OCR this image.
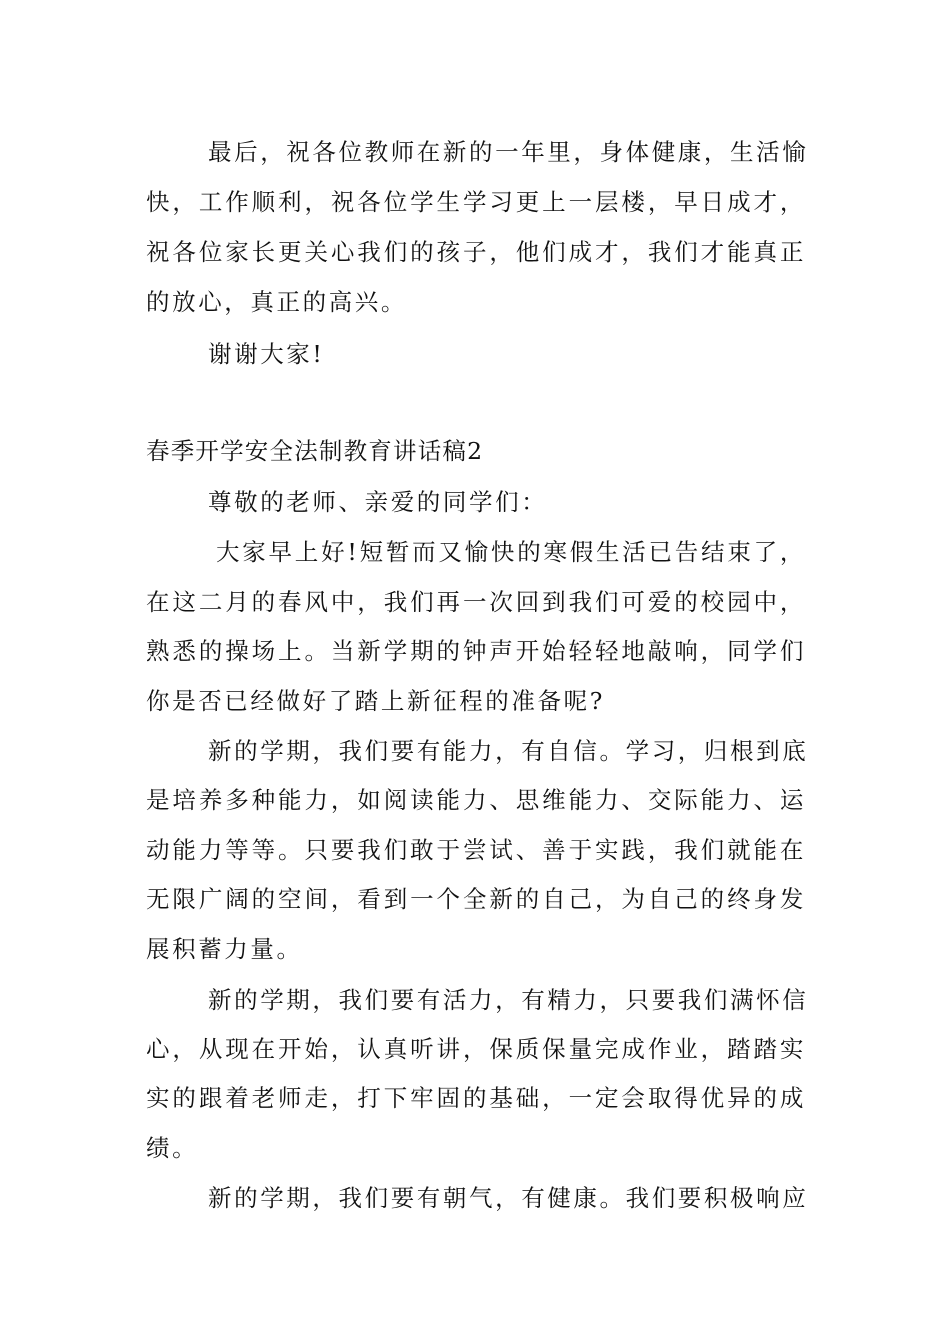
最后，祝各位教师在新的一年里，身体健康，生活愉
快，工作顺利，祝各位学生学习更上一层楼，早日成才，
祝各位家长更关心我们的孩子，他们成才，我们才能真正
的放心，真正的高兴。
谢谢大家!
春季开学安全法制教育讲话稿2
尊敬的老师、亲爱的同学们：
大家早上好!短暂而又愉快的寒假生活已告结束了，
在这二月的春风中，我们再一次回到我们可爱的校园中，
熟悉的操场上。当新学期的钟声开始轻轻地敲响，同学们
你是否已经做好了踏上新征程的准备呢?
新的学期，我们要有能力，有自信。学习，归根到底
是培养多种能力，如阅读能力、思维能力、交际能力、运
动能力等等。只要我们敢于尝试、善于实践，我们就能在
无限广阔的空间，看到一个全新的自己，为自己的终身发
展积蓄力量。
新的学期，我们要有活力，有精力，只要我们满怀信
心，从现在开始，认真听讲，保质保量完成作业，踏踏实
实的跟着老师走，打下牢固的基础，一定会取得优异的成
绩。
新的学期，我们要有朝气，有健康。我们要积极响应
